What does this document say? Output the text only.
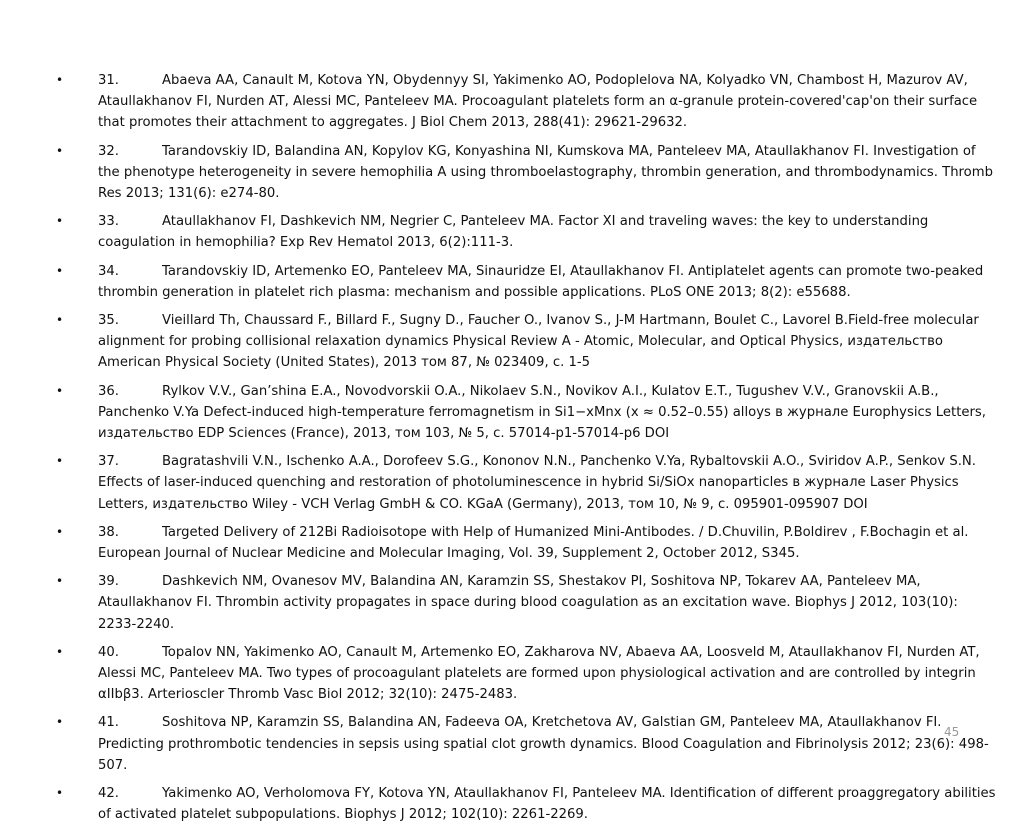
•	31.	Abaeva AA, Canault M, Kotova YN, Obydennyy SI, Yakimenko AO, Podoplelova NA, Kolyadko VN, Chambost H, Mazurov AV, Ataullakhanov FI, Nurden AT, Alessi MC, Panteleev MA. Procoagulant platelets form an α-granule protein-covered'cap'on their surface that promotes their attachment to aggregates. J Biol Chem 2013, 288(41): 29621-29632.
•	32.	Tarandovskiy ID, Balandina AN, Kopylov KG, Konyashina NI, Kumskova MA, Panteleev MA, Ataullakhanov FI. Investigation of the phenotype heterogeneity in severe hemophilia A using thromboelastography, thrombin generation, and thrombodynamics. Thromb Res 2013; 131(6): e274-80.
•	33.	Ataullakhanov FI, Dashkevich NM, Negrier C, Panteleev MA. Factor XI and traveling waves: the key to understanding coagulation in hemophilia? Exp Rev Hematol 2013, 6(2):111-3.
•	34.	Tarandovskiy ID, Artemenko EO, Panteleev MA, Sinauridze EI, Ataullakhanov FI. Antiplatelet agents can promote two-peaked thrombin generation in platelet rich plasma: mechanism and possible applications. PLoS ONE 2013; 8(2): e55688.
•	35.	Vieillard Th, Chaussard F., Billard F., Sugny D., Faucher O., Ivanov S., J-M Hartmann, Boulet C., Lavorel B.Field-free molecular alignment for probing collisional relaxation dynamics Physical Review A - Atomic, Molecular, and Optical Physics, издательство American Physical Society (United States), 2013 том 87, № 023409, с. 1-5
•	36.	Rylkov V.V., Gan’shina E.A., Novodvorskii O.A., Nikolaev S.N., Novikov A.I., Kulatov E.T., Tugushev V.V., Granovskii A.B., Panchenko V.Ya Defect-induced high-temperature ferromagnetism in Si1−xMnx (x ≈ 0.52–0.55) alloys в журнале Europhysics Letters, издательство EDP Sciences (France), 2013, том 103, № 5, с. 57014-p1-57014-p6 DOI
•	37.	Bagratashvili V.N., Ischenko A.A., Dorofeev S.G., Kononov N.N., Panchenko V.Ya, Rybaltovskii A.O., Sviridov A.P., Senkov S.N. Effects of laser-induced quenching and restoration of photoluminescence in hybrid Si/SiOx nanoparticles в журнале Laser Physics Letters, издательство Wiley - VCH Verlag GmbH & CO. KGaA (Germany), 2013, том 10, № 9, с. 095901-095907 DOI
•	38.	Targeted Delivery of 212Bi Radioisotope with Help of Humanized Mini-Antibodes. / D.Chuvilin, P.Boldirev , F.Bochagin et al. European Journal of Nuclear Medicine and Molecular Imaging, Vol. 39, Supplement 2, October 2012, S345.
•	39.	Dashkevich NM, Ovanesov MV, Balandina AN, Karamzin SS, Shestakov PI, Soshitova NP, Tokarev AA, Panteleev MA, Ataullakhanov FI. Thrombin activity propagates in space during blood coagulation as an excitation wave. Biophys J 2012, 103(10): 2233-2240.
•	40.	Topalov NN, Yakimenko AO, Canault M, Artemenko EO, Zakharova NV, Abaeva AA, Loosveld M, Ataullakhanov FI, Nurden AT, Alessi MC, Panteleev MA. Two types of procoagulant platelets are formed upon physiological activation and are controlled by integrin αIIbβ3. Arterioscler Thromb Vasc Biol 2012; 32(10): 2475-2483.
•	41.	Soshitova NP, Karamzin SS, Balandina AN, Fadeeva OA, Kretchetova AV, Galstian GM, Panteleev MA, Ataullakhanov FI. Predicting prothrombotic tendencies in sepsis using spatial clot growth dynamics. Blood Coagulation and Fibrinolysis 2012; 23(6): 498-507.
•	42.	Yakimenko AO, Verholomova FY, Kotova YN, Ataullakhanov FI, Panteleev MA. Identification of different proaggregatory abilities of activated platelet subpopulations. Biophys J 2012; 102(10): 2261-2269.
45
